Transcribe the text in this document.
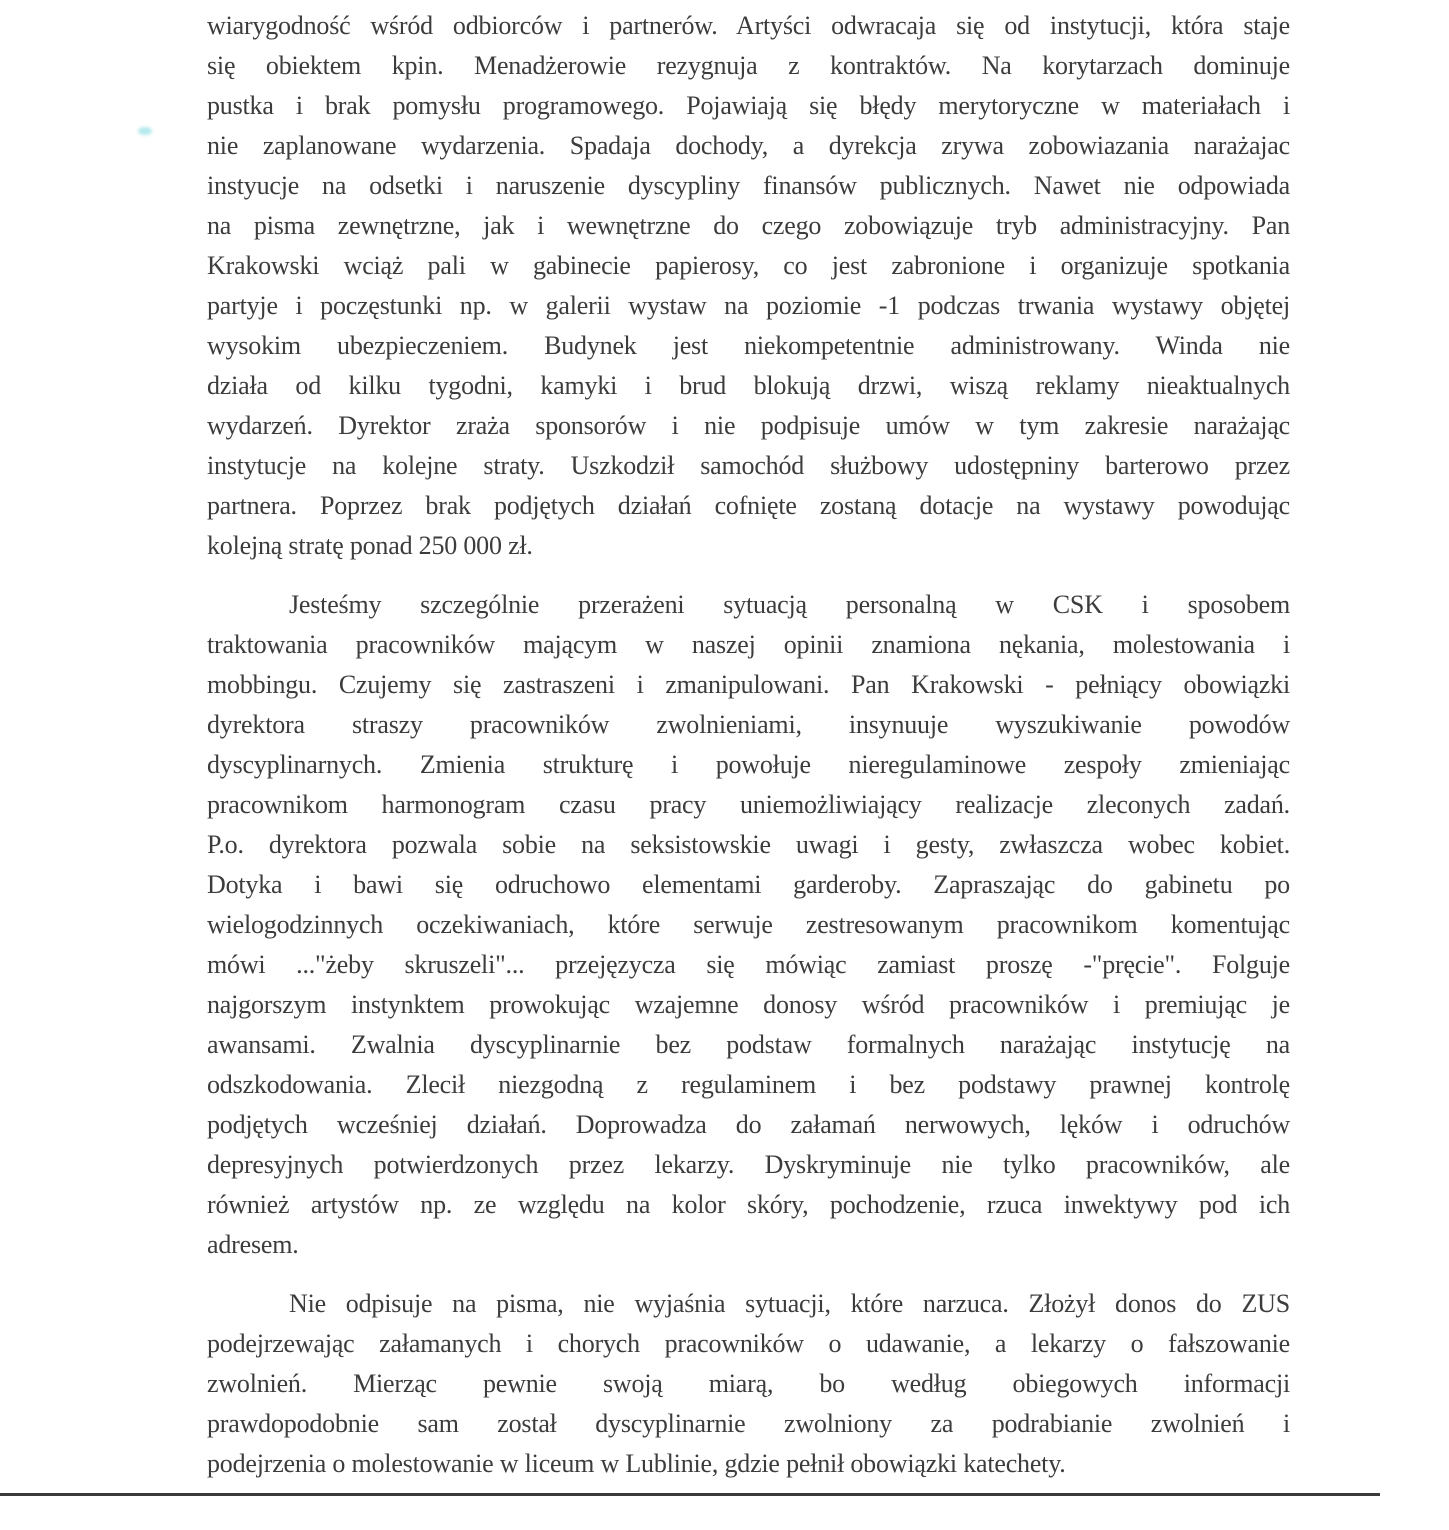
wiarygodność wśród odbiorców i partnerów. Artyści odwracaja się od instytucji, która staje
się obiektem kpin. Menadżerowie rezygnuja z kontraktów. Na korytarzach dominuje
pustka i brak pomysłu programowego. Pojawiają się błędy merytoryczne w materiałach i
nie zaplanowane wydarzenia. Spadaja dochody, a dyrekcja zrywa zobowiazania narażajac
instyucje na odsetki i naruszenie dyscypliny finansów publicznych. Nawet nie odpowiada
na pisma zewnętrzne, jak i wewnętrzne do czego zobowiązuje tryb administracyjny. Pan
Krakowski wciąż pali w gabinecie papierosy, co jest zabronione i organizuje spotkania
partyje i poczęstunki np. w galerii wystaw na poziomie -1 podczas trwania wystawy objętej
wysokim ubezpieczeniem. Budynek jest niekompetentnie administrowany. Winda nie
działa od kilku tygodni, kamyki i brud blokują drzwi, wiszą reklamy nieaktualnych
wydarzeń. Dyrektor zraża sponsorów i nie podpisuje umów w tym zakresie narażając
instytucje na kolejne straty. Uszkodził samochód służbowy udostępniny barterowo przez
partnera. Poprzez brak podjętych działań cofnięte zostaną dotacje na wystawy powodując
kolejną stratę ponad 250 000 zł.

Jesteśmy szczególnie przerażeni sytuacją personalną w CSK i sposobem
traktowania pracowników mającym w naszej opinii znamiona nękania, molestowania i
mobbingu. Czujemy się zastraszeni i zmanipulowani. Pan Krakowski - pełniący obowiązki
dyrektora straszy pracowników zwolnieniami, insynuuje wyszukiwanie powodów
dyscyplinarnych. Zmienia strukturę i powołuje nieregulaminowe zespoły zmieniając
pracownikom harmonogram czasu pracy uniemożliwiający realizacje zleconych zadań.
P.o. dyrektora pozwala sobie na seksistowskie uwagi i gesty, zwłaszcza wobec kobiet.
Dotyka i bawi się odruchowo elementami garderoby. Zapraszając do gabinetu po
wielogodzinnych oczekiwaniach, które serwuje zestresowanym pracownikom komentując
mówi ..."żeby skruszeli"... przejęzycza się mówiąc zamiast proszę -"pręcie". Folguje
najgorszym instynktem prowokując wzajemne donosy wśród pracowników i premiując je
awansami. Zwalnia dyscyplinarnie bez podstaw formalnych narażając instytucję na
odszkodowania. Zlecił niezgodną z regulaminem i bez podstawy prawnej kontrolę
podjętych wcześniej działań. Doprowadza do załamań nerwowych, lęków i odruchów
depresyjnych potwierdzonych przez lekarzy. Dyskryminuje nie tylko pracowników, ale
również artystów np. ze względu na kolor skóry, pochodzenie, rzuca inwektywy pod ich
adresem.

Nie odpisuje na pisma, nie wyjaśnia sytuacji, które narzuca. Złożył donos do ZUS
podejrzewając załamanych i chorych pracowników o udawanie, a lekarzy o fałszowanie
zwolnień. Mierząc pewnie swoją miarą, bo według obiegowych informacji
prawdopodobnie sam został dyscyplinarnie zwolniony za podrabianie zwolnień i
podejrzenia o molestowanie w liceum w Lublinie, gdzie pełnił obowiązki katechety.
